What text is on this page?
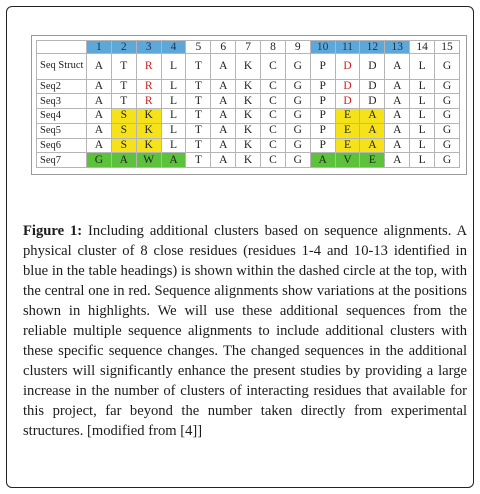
	1	2	3	4	5	6	7	8	9	10	11	12	13	14	15
Seq Struct	A	T	R	L	T	A	K	C	G	P	D	D	A	L	G
Seq2	A	T	R	L	T	A	K	C	G	P	D	D	A	L	G
Seq3	A	T	R	L	T	A	K	C	G	P	D	D	A	L	G
Seq4	A	S	K	L	T	A	K	C	G	P	E	A	A	L	G
Seq5	A	S	K	L	T	A	K	C	G	P	E	A	A	L	G
Seq6	A	S	K	L	T	A	K	C	G	P	E	A	A	L	G
Seq7	G	A	W	A	T	A	K	C	G	A	V	E	A	L	G

Figure 1: Including additional clusters based on sequence alignments. A physical cluster of 8 close residues (residues 1-4 and 10-13 identified in blue in the table headings) is shown within the dashed circle at the top, with the central one in red. Sequence alignments show variations at the positions shown in highlights. We will use these additional sequences from the reliable multiple sequence alignments to include additional clusters with these specific sequence changes. The changed sequences in the additional clusters will significantly enhance the present studies by providing a large increase in the number of clusters of interacting residues that available for this project, far beyond the number taken directly from experimental structures. [modified from [4]]
